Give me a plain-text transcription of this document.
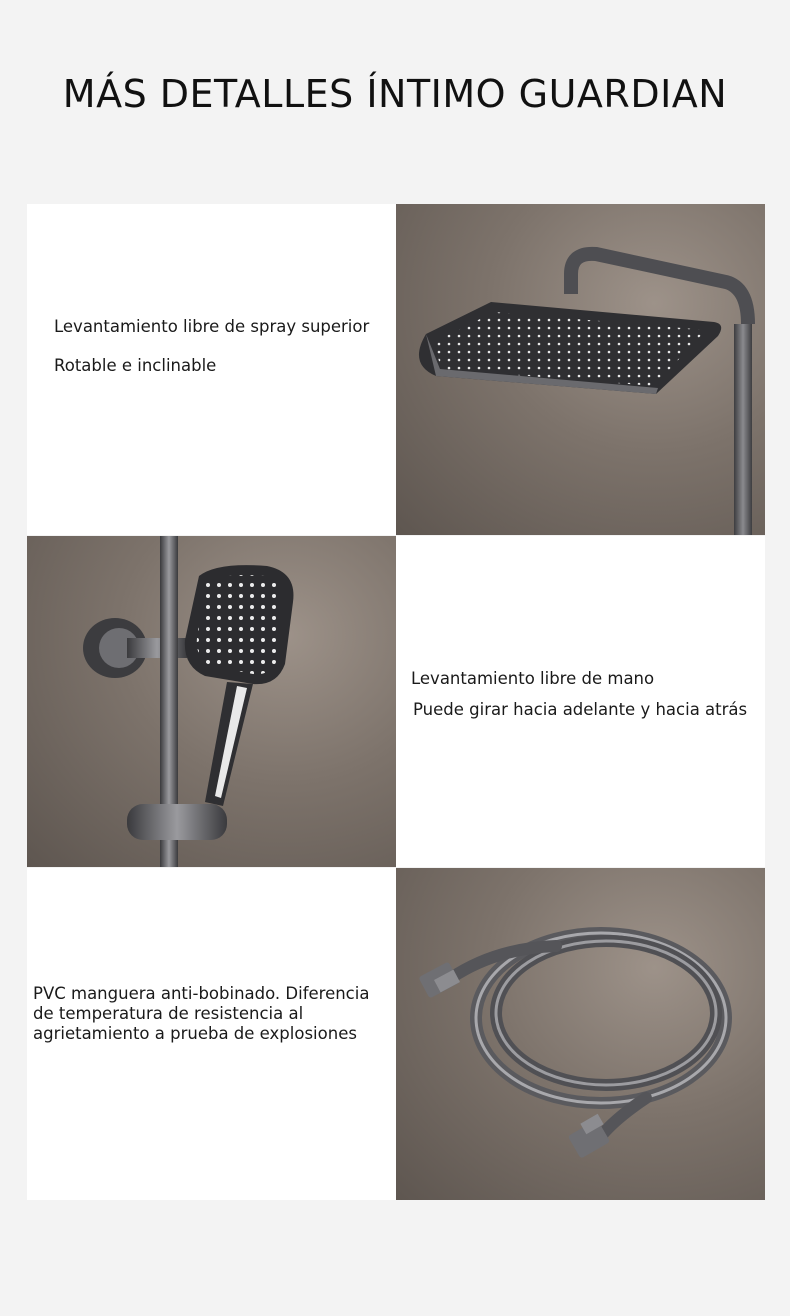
MÁS DETALLES ÍNTIMO GUARDIAN
Levantamiento libre de spray superior
Rotable e inclinable
Levantamiento libre de mano
Puede girar hacia adelante y hacia atrás
PVC manguera anti-bobinado. Diferencia
de temperatura de resistencia al
agrietamiento a prueba de explosiones
